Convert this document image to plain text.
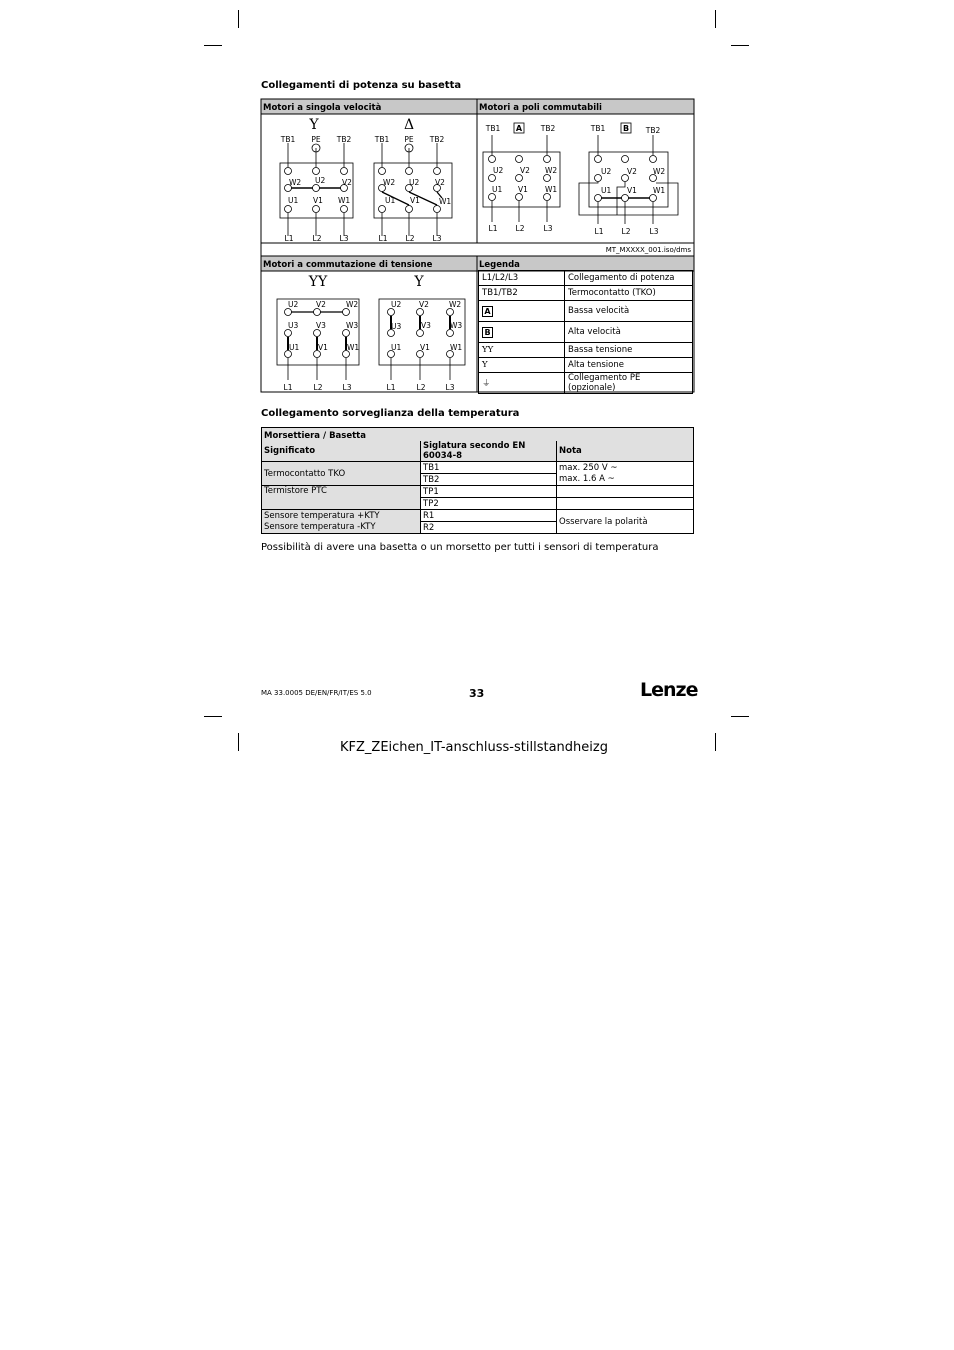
Collegamenti di potenza su basetta
Motori a singola velocità	Motori a poli commutabili
MT_MXXXX_001.iso/dms
Motori a commutazione di tensione	Legenda
Y
TB1 PE TB2
W2 U2 V2
U1 V1 W1
L1	L2 L3
Δ
TB1 PE TB2
W2 U2 V2
U1 V1	W1
L1 L2 L3
TB1 A TB2
U2 V2 W2
U1 V1 W1
L1 L2	L3
TB1 B TB2
U2 V2 W2
U1 V1 W1
L1 L2	L3
YY
U2 V2	W2
U3 V3	W3
U1 V1	W1
L1	L2	L3
Y
U2 V2	W2
U3	V3	W3
U1 V1	W1
L1	L2	L3
L1/L2/L3	Collegamento di potenza
TB1/TB2	Termocontatto (TKO)
A	Bassa velocità
B	Alta velocità
YY	Bassa tensione
Y	Alta tensione
⏚	Collegamento PE (opzionale)
Collegamento sorveglianza della temperatura
Morsettiera / Basetta		
Significato	Siglatura secondo EN 60034-8	Nota
Termocontatto TKO	TB1	max. 250 V ~
	TB2	max. 1.6 A ~
Termistore PTC	TP1	
	TP2	
Sensore temperatura +KTY	R1	Osservare la polarità
Sensore temperatura -KTY	R2	
Possibilità di avere una basetta o un morsetto per tutti i sensori di temperatura
MA 33.0005 DE/EN/FR/IT/ES 5.0	33	Lenze
KFZ_ZEichen_IT-anschluss-stillstandheizg
